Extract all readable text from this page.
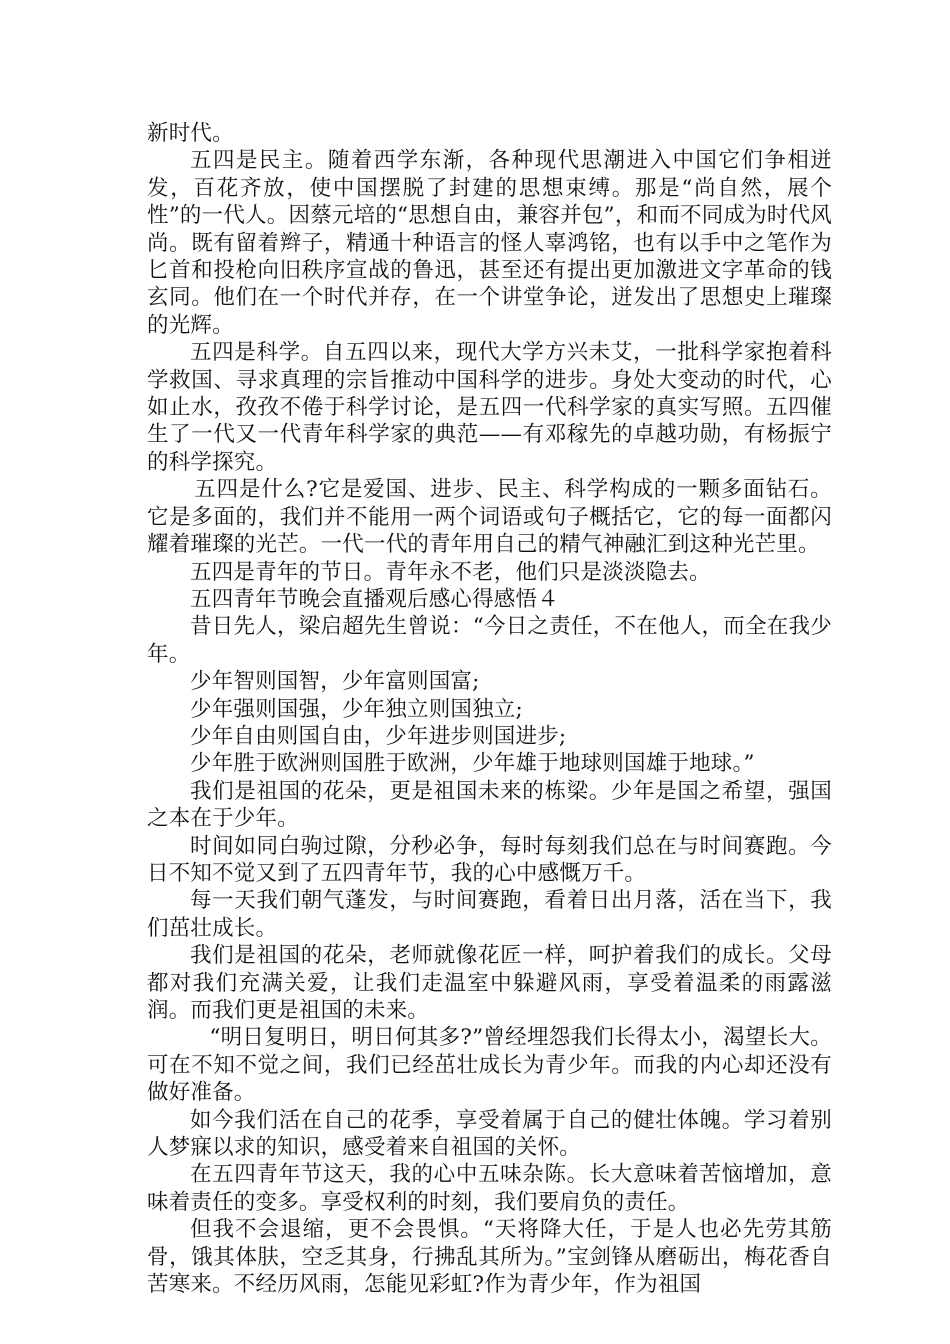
新时代。

五四是民主。随着西学东渐，各种现代思潮进入中国它们争相迸发，百花齐放，使中国摆脱了封建的思想束缚。那是“尚自然，展个性”的一代人。因蔡元培的“思想自由，兼容并包”，和而不同成为时代风尚。既有留着辫子，精通十种语言的怪人辜鸿铭，也有以手中之笔作为匕首和投枪向旧秩序宣战的鲁迅，甚至还有提出更加激进文字革命的钱玄同。他们在一个时代并存，在一个讲堂争论，迸发出了思想史上璀璨的光辉。

五四是科学。自五四以来，现代大学方兴未艾，一批科学家抱着科学救国、寻求真理的宗旨推动中国科学的进步。身处大变动的时代，心如止水，孜孜不倦于科学讨论，是五四一代科学家的真实写照。五四催生了一代又一代青年科学家的典范——有邓稼先的卓越功勋，有杨振宁的科学探究。

五四是什么?它是爱国、进步、民主、科学构成的一颗多面钻石。它是多面的，我们并不能用一两个词语或句子概括它，它的每一面都闪耀着璀璨的光芒。一代一代的青年用自己的精气神融汇到这种光芒里。

五四是青年的节日。青年永不老，他们只是淡淡隐去。

五四青年节晚会直播观后感心得感悟４

昔日先人，梁启超先生曾说：“今日之责任，不在他人，而全在我少年。

少年智则国智，少年富则国富;

少年强则国强，少年独立则国独立;

少年自由则国自由，少年进步则国进步;

少年胜于欧洲则国胜于欧洲，少年雄于地球则国雄于地球。”

我们是祖国的花朵，更是祖国未来的栋梁。少年是国之希望，强国之本在于少年。

时间如同白驹过隙，分秒必争，每时每刻我们总在与时间赛跑。今日不知不觉又到了五四青年节，我的心中感慨万千。

每一天我们朝气蓬发，与时间赛跑，看着日出月落，活在当下，我们茁壮成长。

我们是祖国的花朵，老师就像花匠一样，呵护着我们的成长。父母都对我们充满关爱，让我们走温室中躲避风雨，享受着温柔的雨露滋润。而我们更是祖国的未来。

“明日复明日，明日何其多?”曾经埋怨我们长得太小，渴望长大。可在不知不觉之间，我们已经茁壮成长为青少年。而我的内心却还没有做好准备。

如今我们活在自己的花季，享受着属于自己的健壮体魄。学习着别人梦寐以求的知识，感受着来自祖国的关怀。

在五四青年节这天，我的心中五味杂陈。长大意味着苦恼增加，意味着责任的变多。享受权利的时刻，我们要肩负的责任。

但我不会退缩，更不会畏惧。“天将降大任，于是人也必先劳其筋骨，饿其体肤，空乏其身，行拂乱其所为。”宝剑锋从磨砺出，梅花香自苦寒来。不经历风雨，怎能见彩虹?作为青少年，作为祖国
